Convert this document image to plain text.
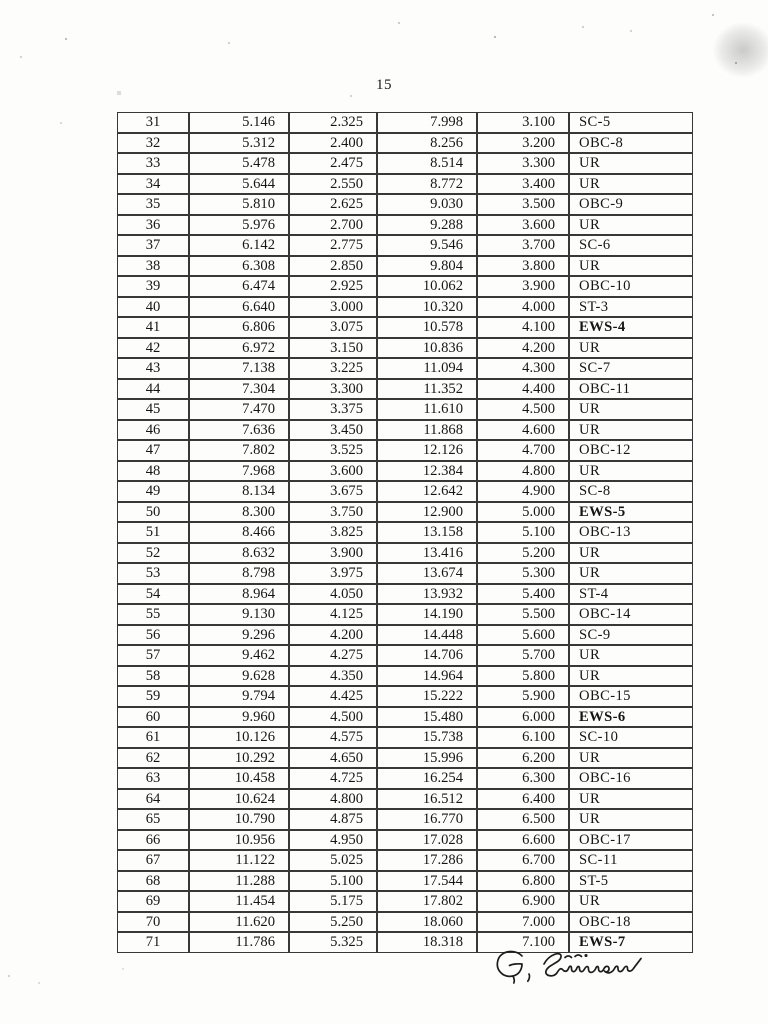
15
31	5.146	2.325	7.998	3.100	SC-5
32	5.312	2.400	8.256	3.200	OBC-8
33	5.478	2.475	8.514	3.300	UR
34	5.644	2.550	8.772	3.400	UR
35	5.810	2.625	9.030	3.500	OBC-9
36	5.976	2.700	9.288	3.600	UR
37	6.142	2.775	9.546	3.700	SC-6
38	6.308	2.850	9.804	3.800	UR
39	6.474	2.925	10.062	3.900	OBC-10
40	6.640	3.000	10.320	4.000	ST-3
41	6.806	3.075	10.578	4.100	EWS-4
42	6.972	3.150	10.836	4.200	UR
43	7.138	3.225	11.094	4.300	SC-7
44	7.304	3.300	11.352	4.400	OBC-11
45	7.470	3.375	11.610	4.500	UR
46	7.636	3.450	11.868	4.600	UR
47	7.802	3.525	12.126	4.700	OBC-12
48	7.968	3.600	12.384	4.800	UR
49	8.134	3.675	12.642	4.900	SC-8
50	8.300	3.750	12.900	5.000	EWS-5
51	8.466	3.825	13.158	5.100	OBC-13
52	8.632	3.900	13.416	5.200	UR
53	8.798	3.975	13.674	5.300	UR
54	8.964	4.050	13.932	5.400	ST-4
55	9.130	4.125	14.190	5.500	OBC-14
56	9.296	4.200	14.448	5.600	SC-9
57	9.462	4.275	14.706	5.700	UR
58	9.628	4.350	14.964	5.800	UR
59	9.794	4.425	15.222	5.900	OBC-15
60	9.960	4.500	15.480	6.000	EWS-6
61	10.126	4.575	15.738	6.100	SC-10
62	10.292	4.650	15.996	6.200	UR
63	10.458	4.725	16.254	6.300	OBC-16
64	10.624	4.800	16.512	6.400	UR
65	10.790	4.875	16.770	6.500	UR
66	10.956	4.950	17.028	6.600	OBC-17
67	11.122	5.025	17.286	6.700	SC-11
68	11.288	5.100	17.544	6.800	ST-5
69	11.454	5.175	17.802	6.900	UR
70	11.620	5.250	18.060	7.000	OBC-18
71	11.786	5.325	18.318	7.100	EWS-7
